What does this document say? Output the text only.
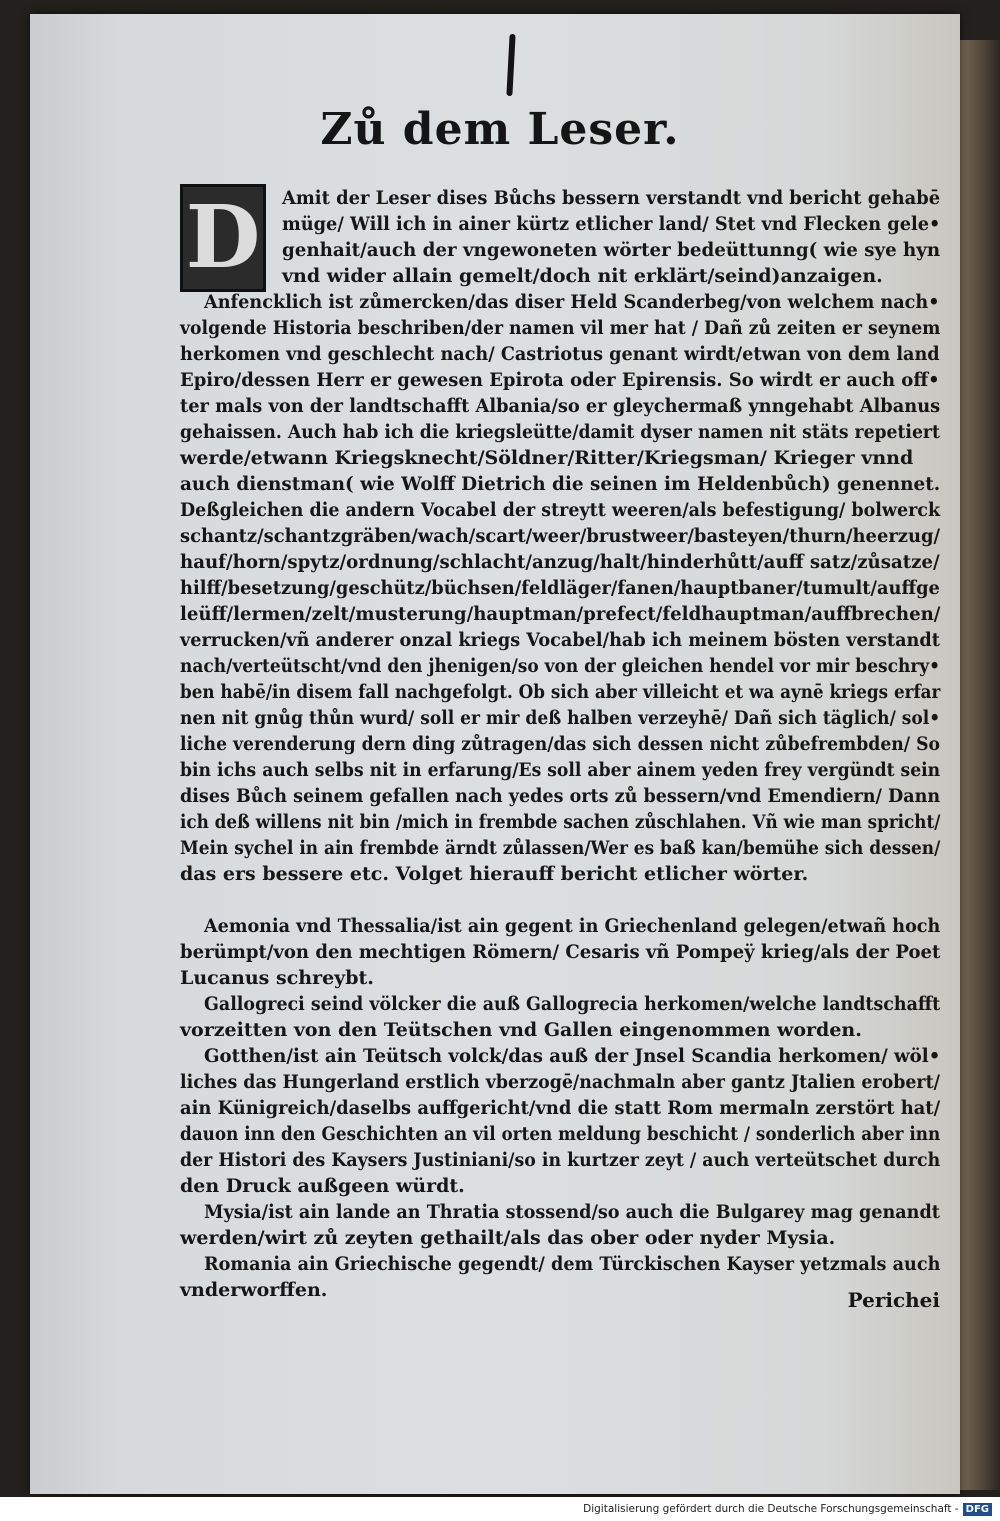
Zů dem Leser.
D Amit der Leser dises Bůchs bessern verstandt vnd bericht gehabē

müge/ Will ich in ainer kürtz etlicher land/ Stet vnd Flecken gele•

genhait/auch der vngewoneten wörter bedeüttunng( wie sye hyn

vnd wider allain gemelt/doch nit erklärt/seind)anzaigen.

Anfencklich ist zůmercken/das diser Held Scanderbeg/von welchem nach•

volgende Historia beschriben/der namen vil mer hat / Dañ zů zeiten er seynem

herkomen vnd geschlecht nach/ Castriotus genant wirdt/etwan von dem land

Epiro/dessen Herr er gewesen Epirota oder Epirensis. So wirdt er auch off•

ter mals von der landtschafft Albania/so er gleychermaß ynngehabt Albanus

gehaissen. Auch hab ich die kriegsleütte/damit dyser namen nit stäts repetiert

werde/etwann Kriegsknecht/Söldner/Ritter/Kriegsman/ Krieger vnnd

auch dienstman( wie Wolff Dietrich die seinen im Heldenbůch) genennet.

Deßgleichen die andern Vocabel der streytt weeren/als befestigung/ bolwerck

schantz/schantzgräben/wach/scart/weer/brustweer/basteyen/thurn/heerzug/

hauf/horn/spytz/ordnung/schlacht/anzug/halt/hinderhůtt/auff satz/zůsatze/

hilff/besetzung/geschütz/büchsen/feldläger/fanen/hauptbaner/tumult/auffge

leüff/lermen/zelt/musterung/hauptman/prefect/feldhauptman/auffbrechen/

verrucken/vñ anderer onzal kriegs Vocabel/hab ich meinem bösten verstandt

nach/verteütscht/vnd den jhenigen/so von der gleichen hendel vor mir beschry•

ben habē/in disem fall nachgefolgt. Ob sich aber villeicht et wa aynē kriegs erfar

nen nit gnůg thůn wurd/ soll er mir deß halben verzeyhē/ Dañ sich täglich/ sol•

liche verenderung dern ding zůtragen/das sich dessen nicht zůbefrembden/ So

bin ichs auch selbs nit in erfarung/Es soll aber ainem yeden frey vergündt sein

dises Bůch seinem gefallen nach yedes orts zů bessern/vnd Emendiern/ Dann

ich deß willens nit bin /mich in frembde sachen zůschlahen. Vñ wie man spricht/

Mein sychel in ain frembde ärndt zůlassen/Wer es baß kan/bemühe sich dessen/

das ers bessere etc. Volget hierauff bericht etlicher wörter.

Aemonia vnd Thessalia/ist ain gegent in Griechenland gelegen/etwañ hoch

berümpt/von den mechtigen Römern/ Cesaris vñ Pompeÿ krieg/als der Poet

Lucanus schreybt.

Gallogreci seind völcker die auß Gallogrecia herkomen/welche landtschafft

vorzeitten von den Teütschen vnd Gallen eingenommen worden.

Gotthen/ist ain Teütsch volck/das auß der Jnsel Scandia herkomen/ wöl•

liches das Hungerland erstlich vberzogē/nachmaln aber gantz Jtalien erobert/

ain Künigreich/daselbs auffgericht/vnd die statt Rom mermaln zerstört hat/

dauon inn den Geschichten an vil orten meldung beschicht / sonderlich aber inn

der Histori des Kaysers Justiniani/so in kurtzer zeyt / auch verteütschet durch

den Druck außgeen würdt.

Mysia/ist ain lande an Thratia stossend/so auch die Bulgarey mag genandt

werden/wirt zů zeyten gethailt/als das ober oder nyder Mysia.

Romania ain Griechische gegendt/ dem Türckischen Kayser yetzmals auch

vnderworffen.	Perichei

Digitalisierung gefördert durch die Deutsche Forschungsgemeinschaft - DFG
